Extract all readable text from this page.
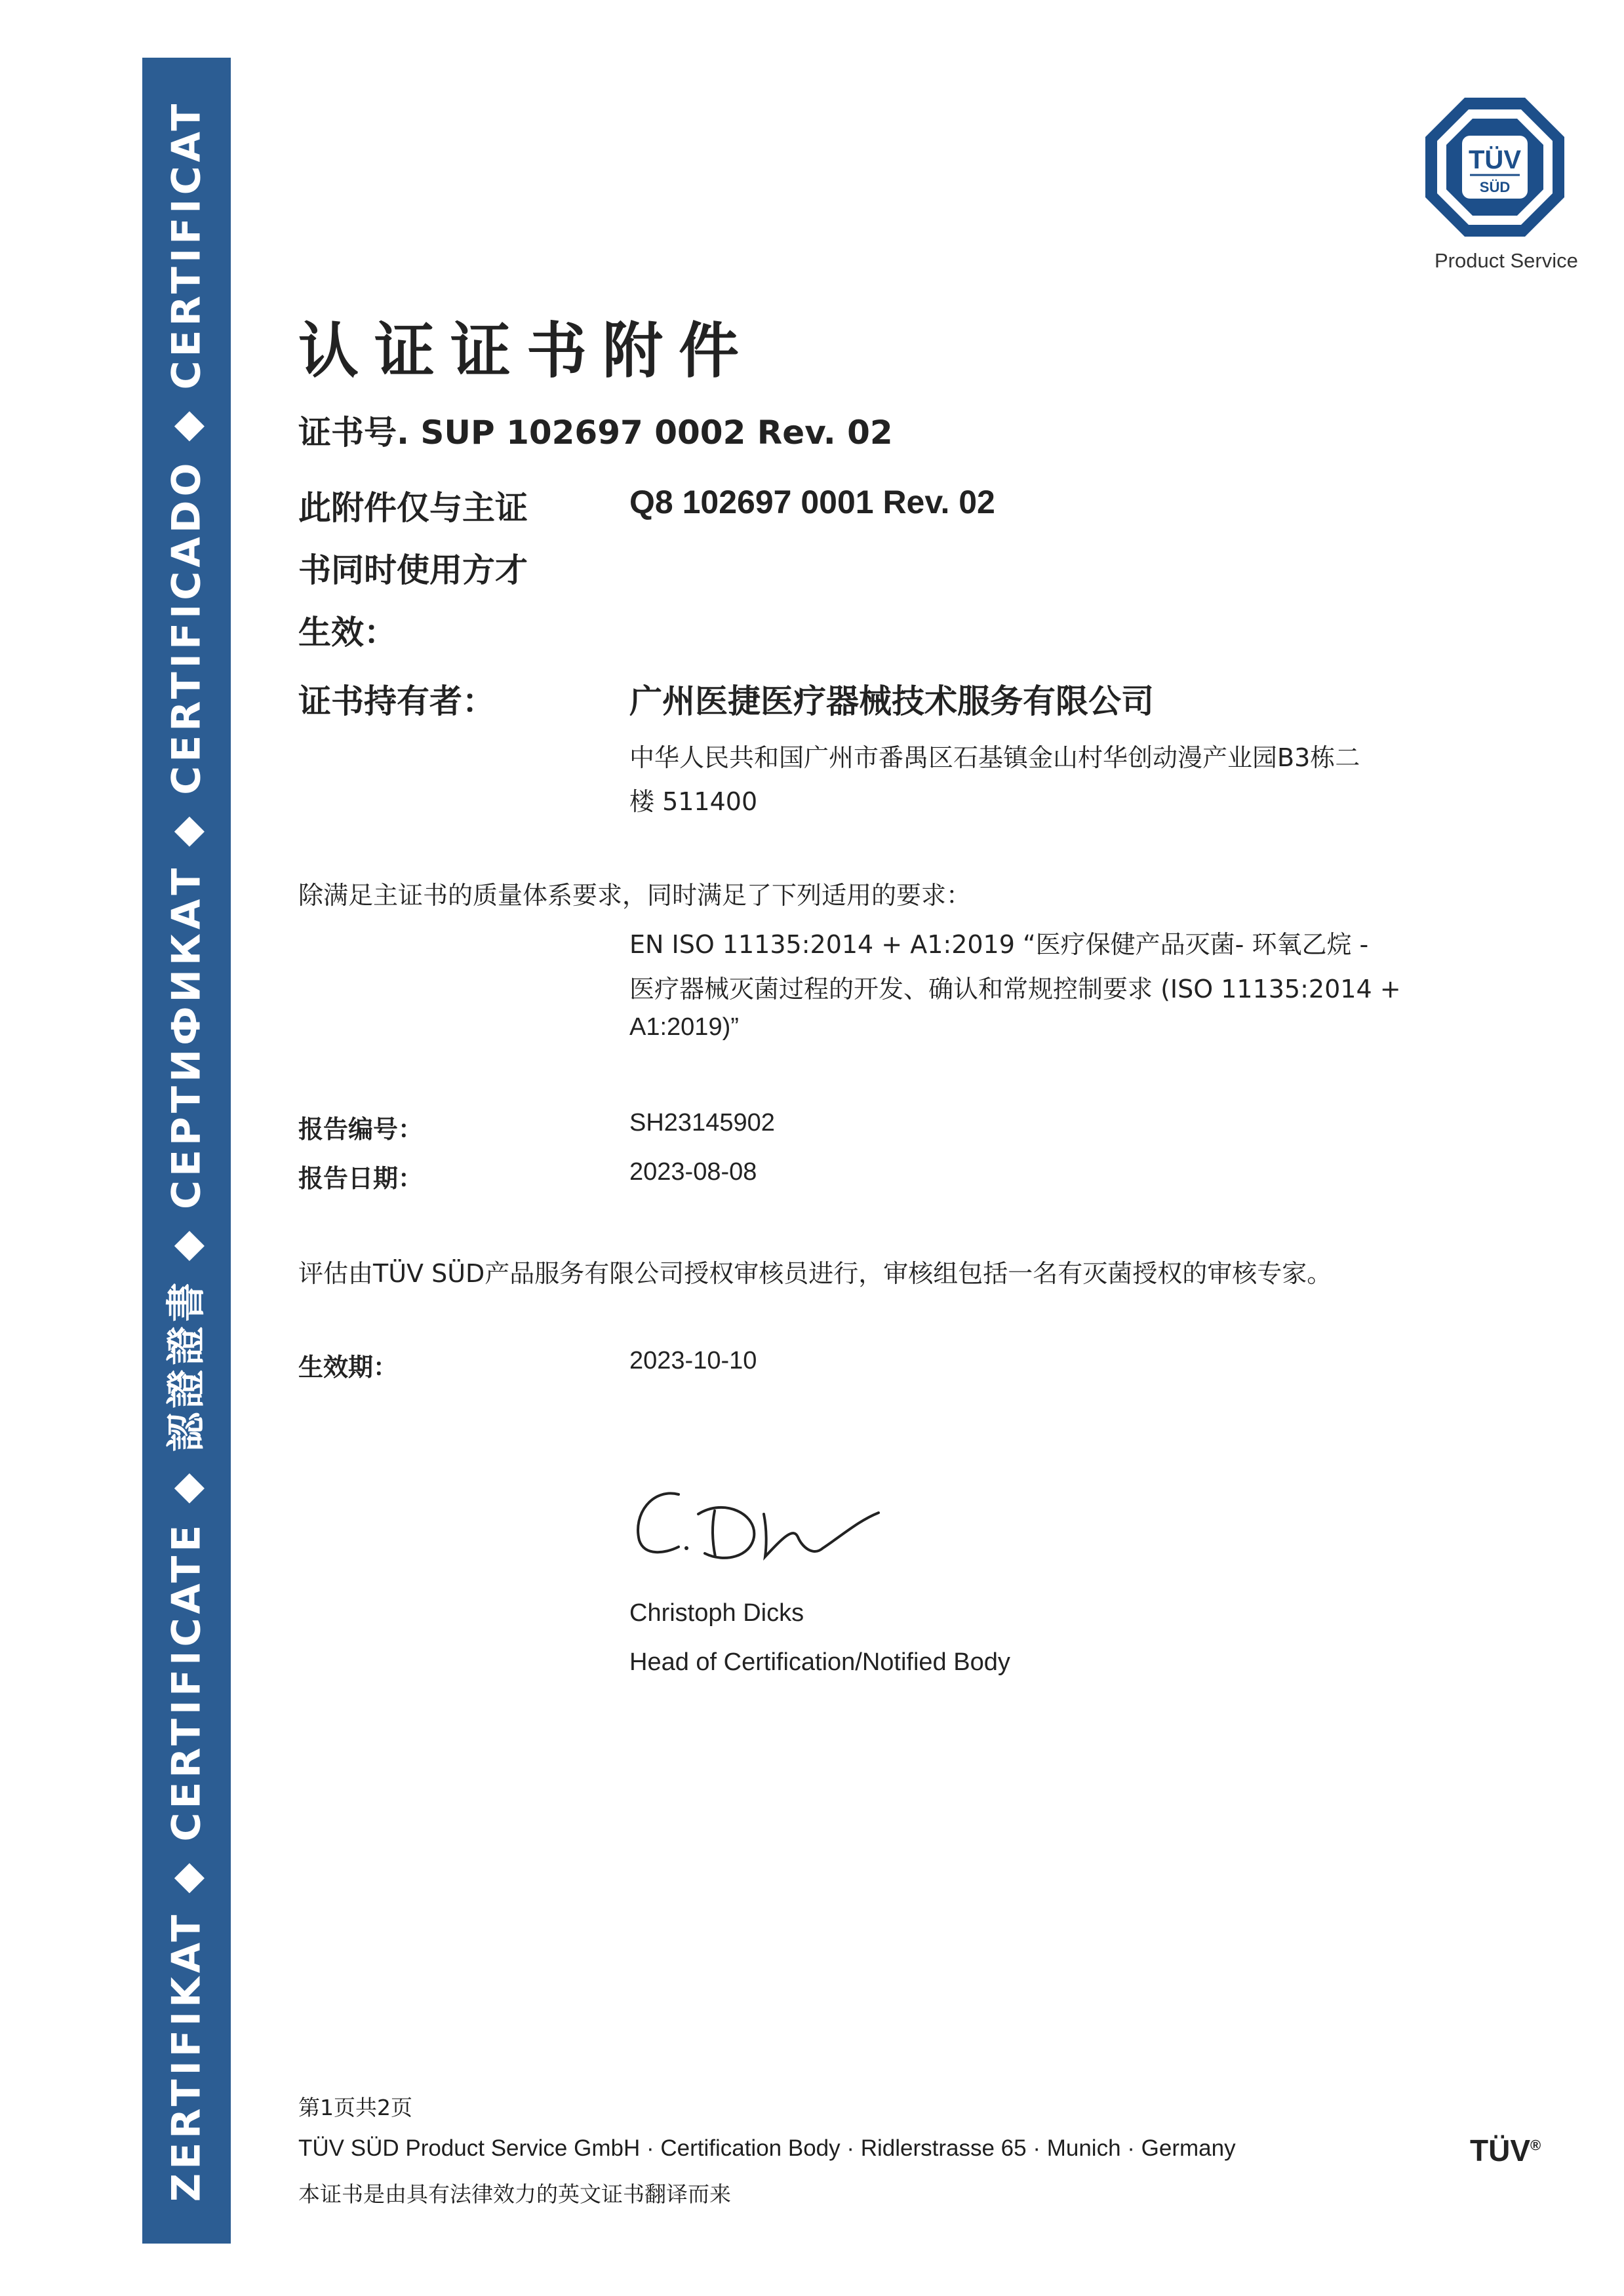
ZERTIFIKAT ◆ CERTIFICATE ◆ 認證證書 ◆ СЕРТИФИКАТ ◆ CERTIFICADO ◆ CERTIFICAT	TÜV
SÜD
Product Service
认证证书附件
证书号. SUP 102697 0002 Rev. 02
此附件仅与主证
书同时使用方才
生效：
Q8 102697 0001 Rev. 02
证书持有者：	广州医捷医疗器械技术服务有限公司
中华人民共和国广州市番禺区石基镇金山村华创动漫产业园B3栋二
楼 511400
除满足主证书的质量体系要求，同时满足了下列适用的要求：
EN ISO 11135:2014 + A1:2019 “医疗保健产品灭菌- 环氧乙烷 -
医疗器械灭菌过程的开发、确认和常规控制要求 (ISO 11135:2014 +
A1:2019)”
报告编号：	SH23145902
报告日期：	2023-08-08
评估由TÜV SÜD产品服务有限公司授权审核员进行，审核组包括一名有灭菌授权的审核专家。
生效期：	2023-10-10
Christoph Dicks
Head of Certification/Notified Body
第1页共2页
TÜV SÜD Product Service GmbH · Certification Body · Ridlerstrasse 65 · Munich · Germany
本证书是由具有法律效力的英文证书翻译而来
TÜV®
